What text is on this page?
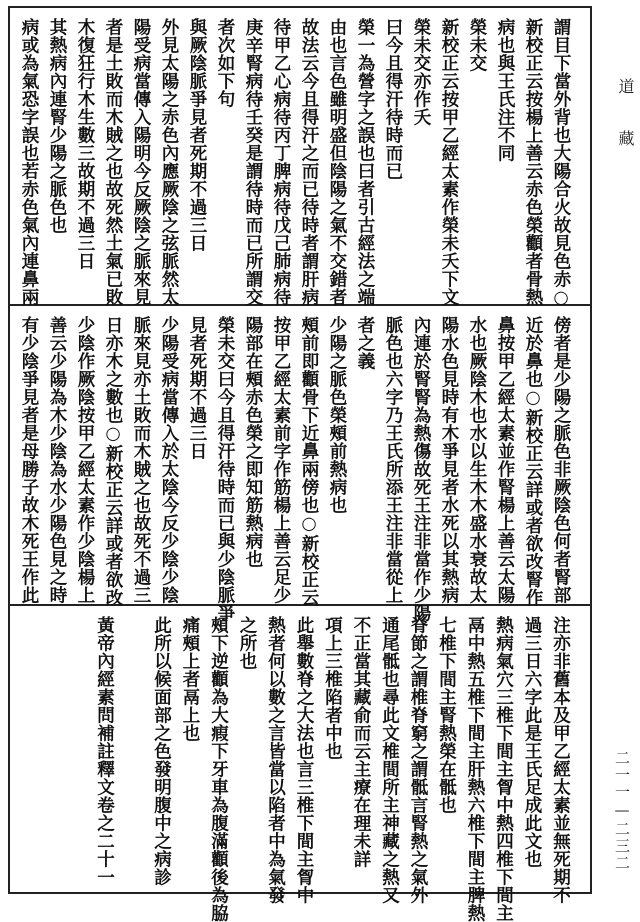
道
藏
二一一—二三二
謂目下當外背也大陽合火故見色赤○
新校正云按楊上善云赤色榮顴者骨熱
病也與王氏注不同
榮未交
新校正云按甲乙經太素作榮未夭下文
榮未交亦作夭
曰今且得汗待時而已
榮一為營字之誤也曰者引古經法之端
由也言色雖明盛但陰陽之氣不交錯者
故法云今且得汗之而已待時者謂肝病
待甲乙心病待丙丁脾病待戊己肺病待
庚辛腎病待壬癸是謂待時而已所謂交
者次如下句
與厥陰脈爭見者死期不過三日
外見太陽之赤色內應厥陰之弦脈然太
陽受病當傳入陽明今反厥陰之脈來見
者是土敗而木賊之也故死然土氣已敗
木復狂行木生數三故期不過三日
其熱病內連腎少陽之脈色也
病或為氣恐字誤也若赤色氣內連鼻兩
傍者是少陽之脈色非厥陰色何者腎部
近於鼻也○新校正云詳或者欲改腎作
鼻按甲乙經太素並作腎楊上善云太陽
水也厥陰木也水以生木木盛水衰故太
陽水色見時有木爭見者水死以其熱病
內連於腎腎為熱傷故死王注非當作少陽
脈色也六字乃王氏所添王注非當從上
者之義
少陽之脈色榮頰前熱病也
頰前即顴骨下近鼻兩傍也○新校正云
按甲乙經太素前字作筋楊上善云足少
陽部在頰赤色榮之即知筋熱病也
榮未交曰今且得汗待時而已與少陰脈爭
見者死期不過三日
少陽受病當傳入於太陰今反少陰少陰
脈來見亦土敗而木賊之也故死不過三
日亦木之數也○新校正云詳或者欲改
少陰作厥陰按甲乙經太素作少陰楊上
善云少陽為木少陰為水少陽色見之時
有少陰爭見者是母勝子故木死王作此
注亦非舊本及甲乙經太素並無死期不
過三日六字此是王氏足成此文也
熱病氣穴三椎下間主胷中熱四椎下間主
鬲中熱五椎下間主肝熱六椎下間主脾熱
七椎下間主腎熱榮在骶也
脊節之謂椎脊窮之謂骶言腎熱之氣外
通尾骶也尋此文椎間所主神藏之熱又
不正當其藏俞而云主療在理未詳
項上三椎陷者中也
此舉數脊之大法也言三椎下間主胷中
熱者何以數之言皆當以陷者中為氣發
之所也
頰下逆顴為大瘕下牙車為腹滿顴後為脇
痛頰上者鬲上也
此所以候面部之色發明腹中之病診
黃帝內經素問補註釋文卷之二十一
